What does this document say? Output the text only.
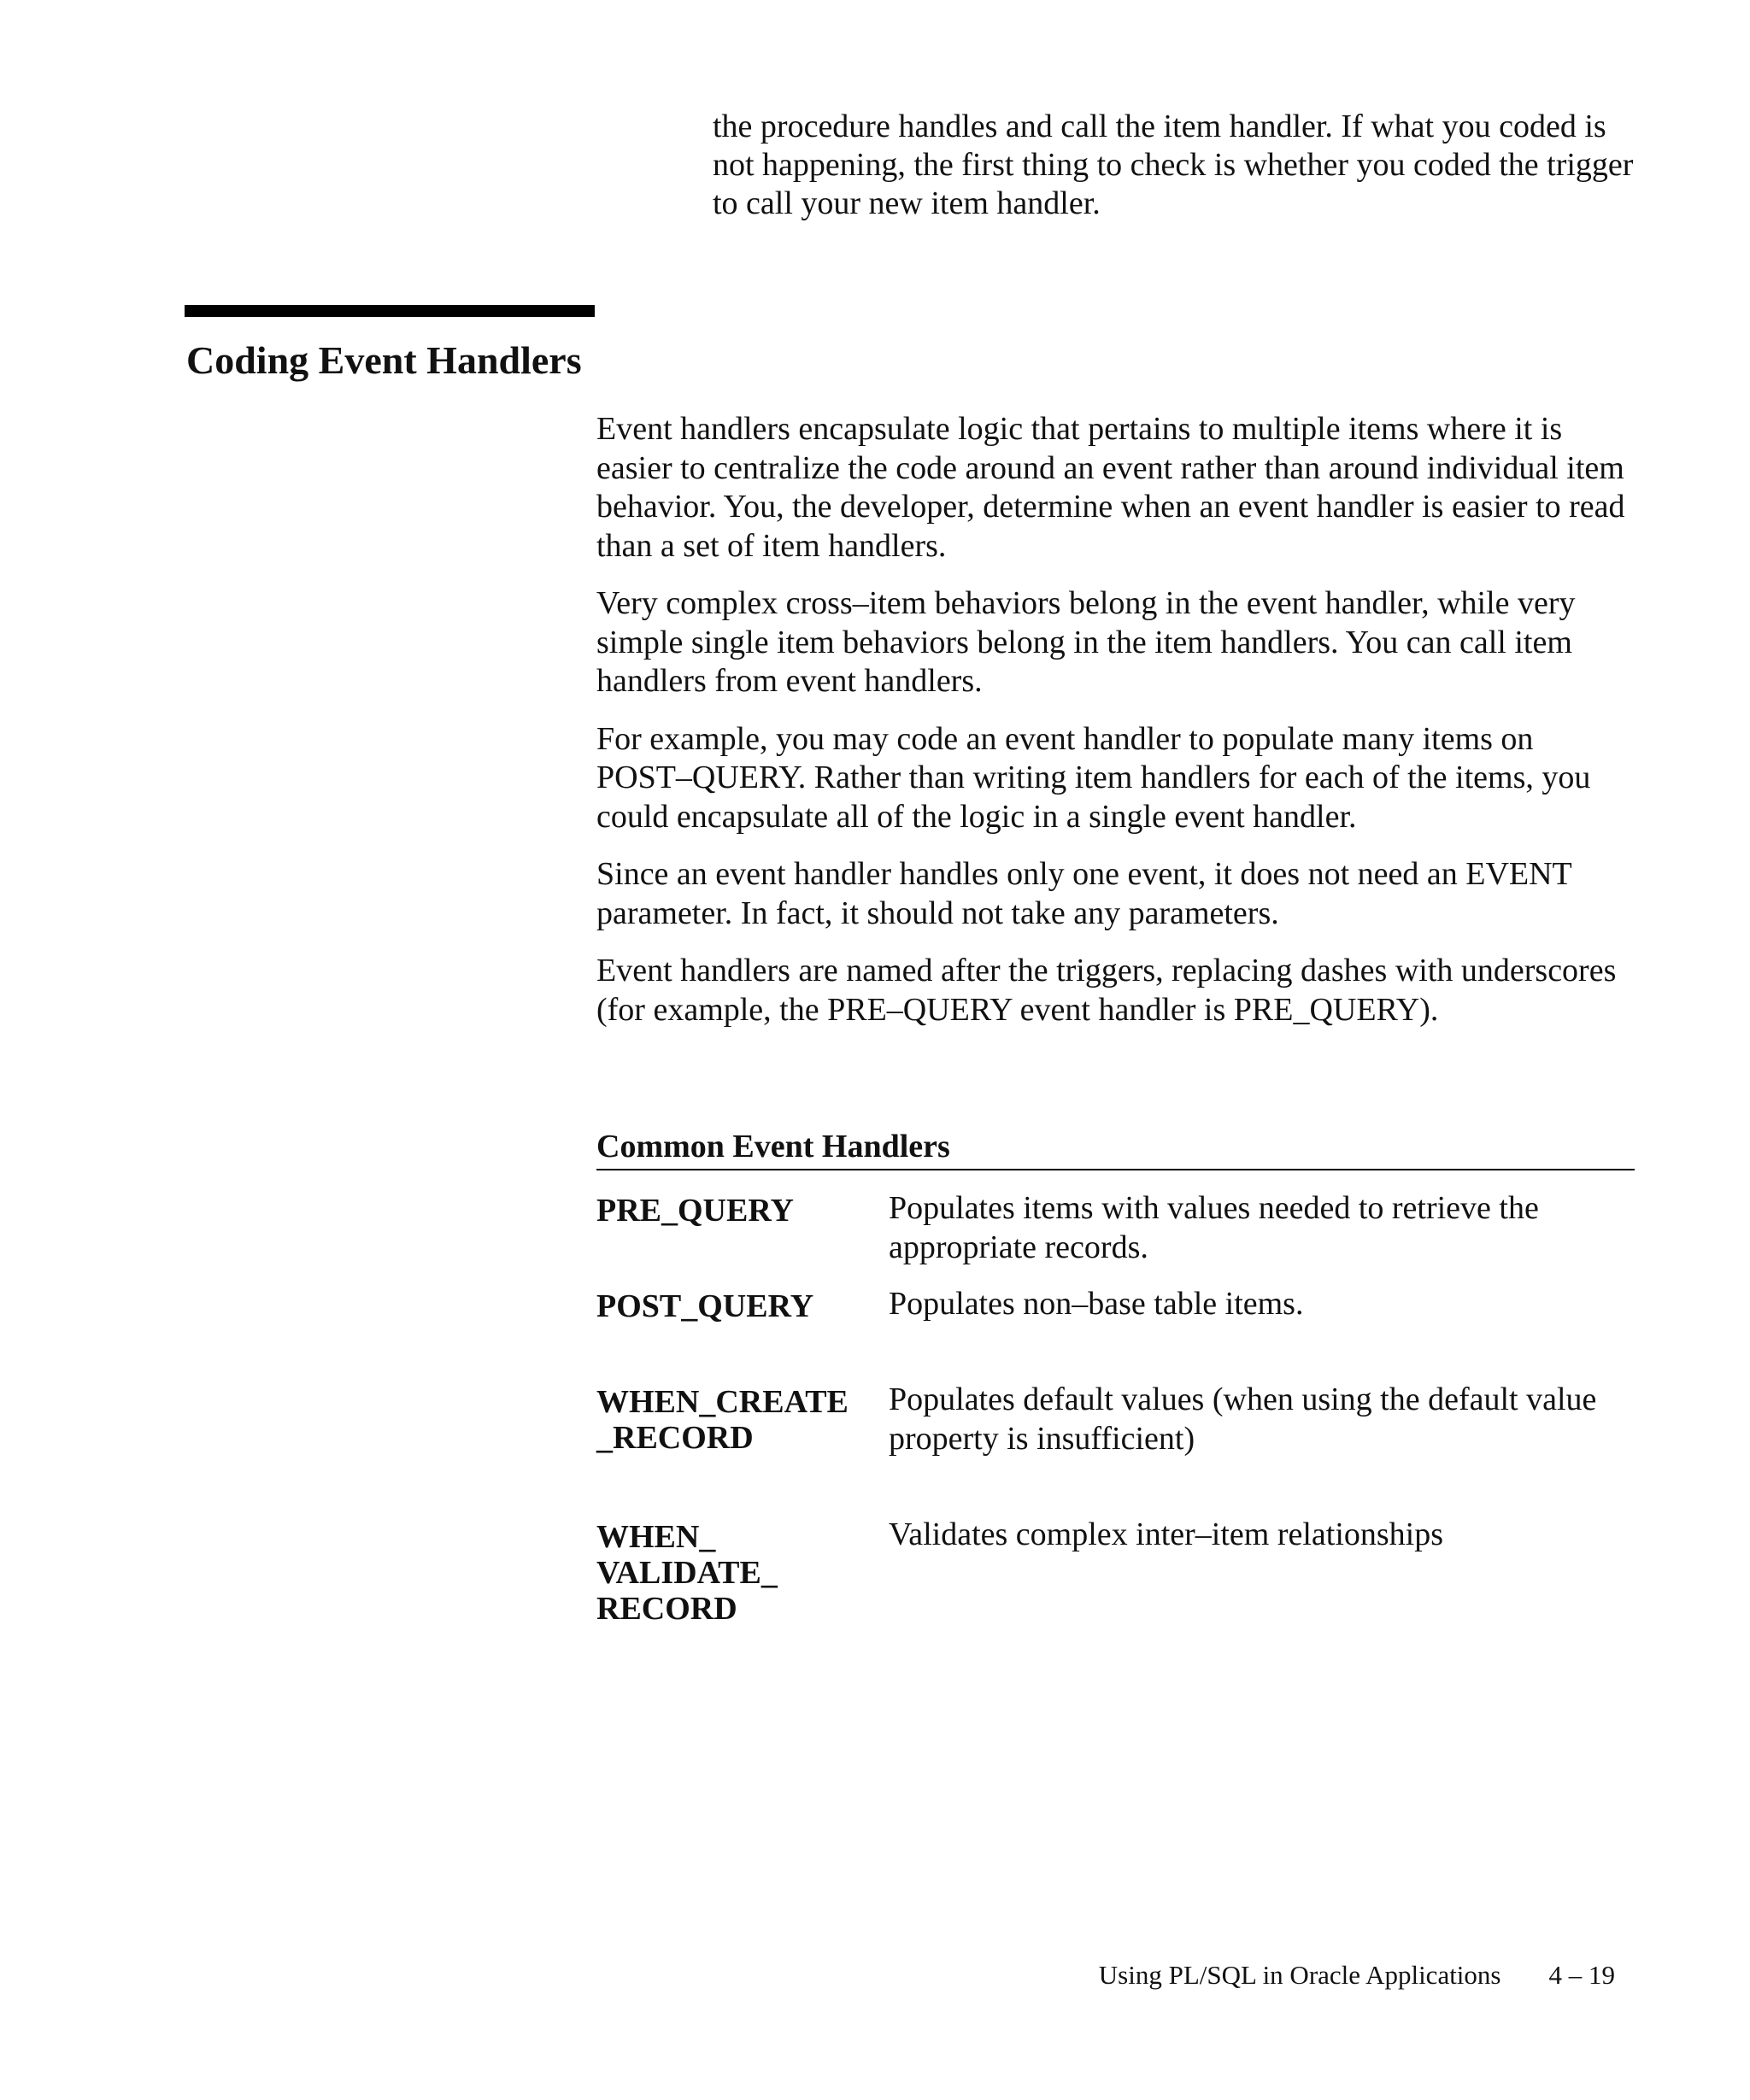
the procedure handles and call the item handler. If what you coded is not happening, the first thing to check is whether you coded the trigger to call your new item handler.

Coding Event Handlers

Event handlers encapsulate logic that pertains to multiple items where it is easier to centralize the code around an event rather than around individual item behavior. You, the developer, determine when an event handler is easier to read than a set of item handlers.

Very complex cross–item behaviors belong in the event handler, while very simple single item behaviors belong in the item handlers. You can call item handlers from event handlers.

For example, you may code an event handler to populate many items on POST–QUERY. Rather than writing item handlers for each of the items, you could encapsulate all of the logic in a single event handler.

Since an event handler handles only one event, it does not need an EVENT parameter. In fact, it should not take any parameters.

Event handlers are named after the triggers, replacing dashes with underscores (for example, the PRE–QUERY event handler is PRE_QUERY).

Common Event Handlers
PRE_QUERY	Populates items with values needed to retrieve the appropriate records.
POST_QUERY	Populates non–base table items.
WHEN_CREATE
_RECORD
Populates default values (when using the default value property is insufficient)
WHEN_
VALIDATE_
RECORD
Validates complex inter–item relationships
Using PL/SQL in Oracle Applications 4 – 19
